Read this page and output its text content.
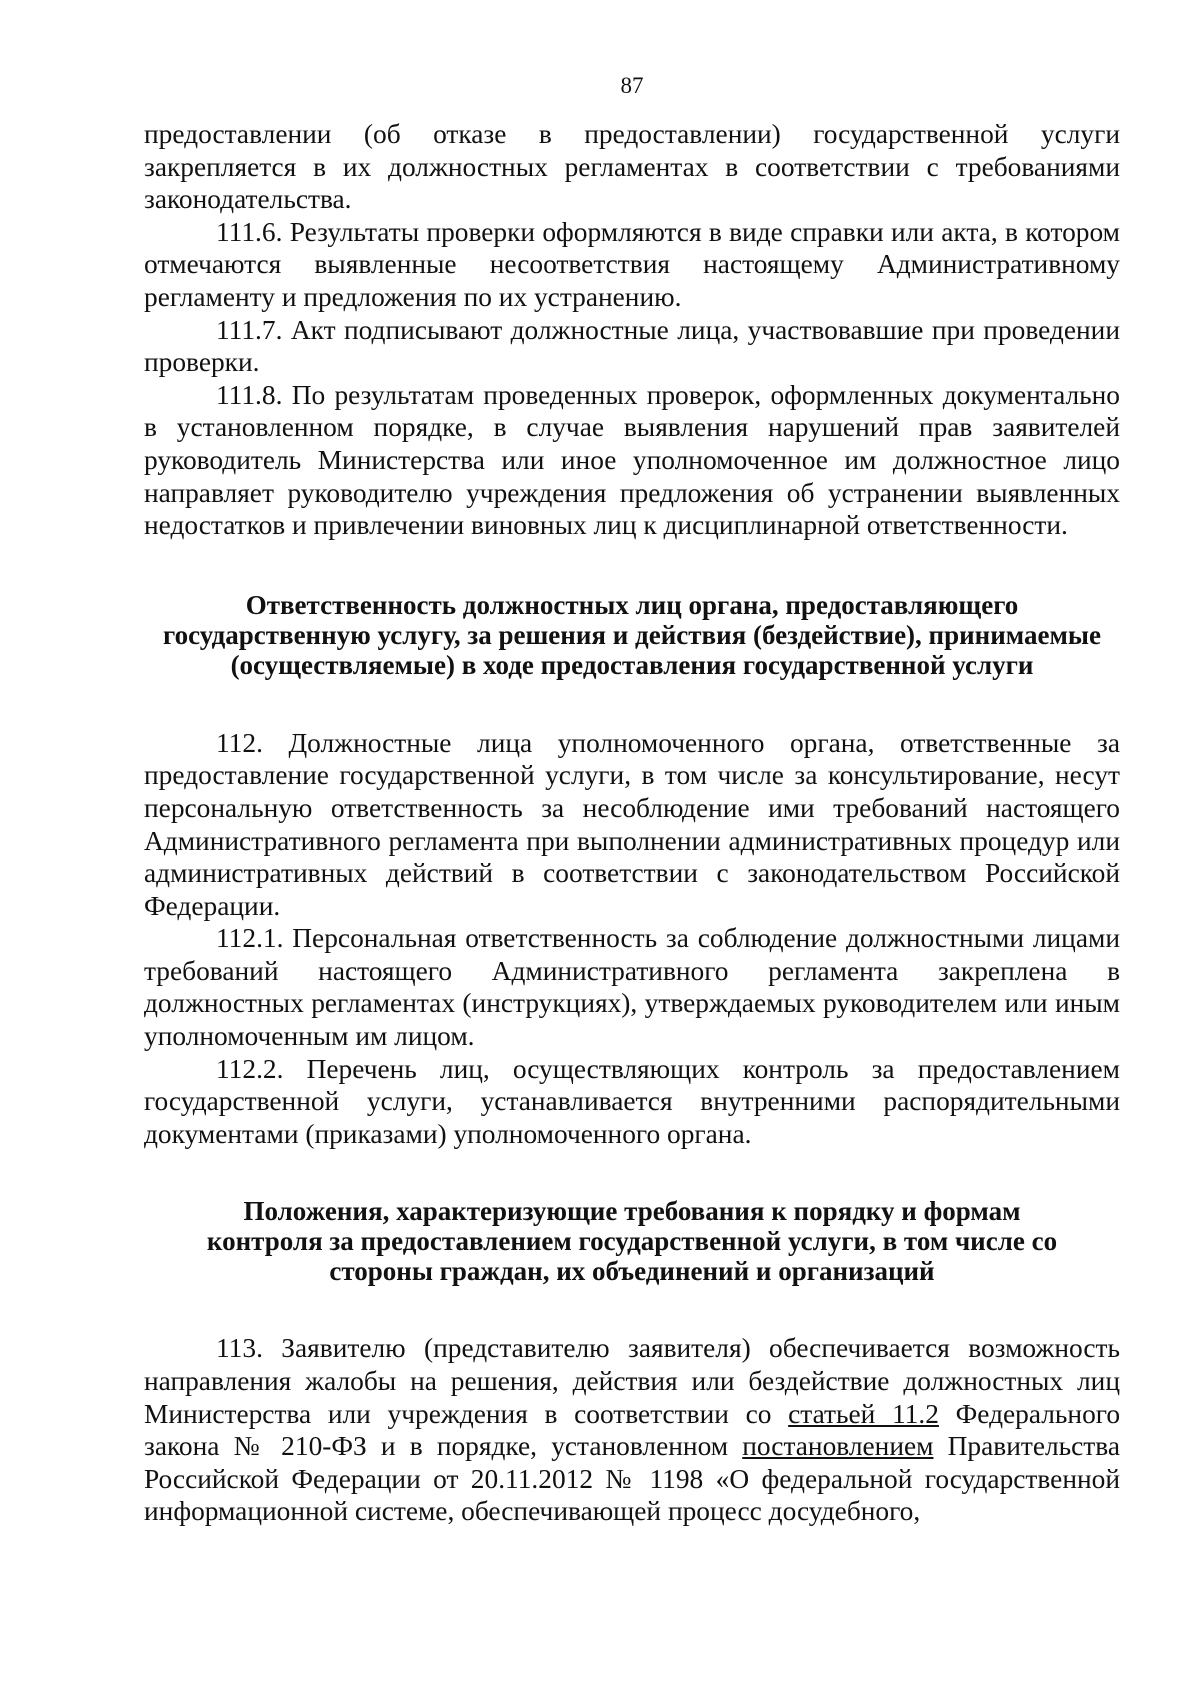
87

предоставлении (об отказе в предоставлении) государственной услуги закрепляется в их должностных регламентах в соответствии с требованиями законодательства.

111.6. Результаты проверки оформляются в виде справки или акта, в котором отмечаются выявленные несоответствия настоящему Административному регламенту и предложения по их устранению.

111.7. Акт подписывают должностные лица, участвовавшие при проведении проверки.

111.8. По результатам проведенных проверок, оформленных документально в установленном порядке, в случае выявления нарушений прав заявителей руководитель Министерства или иное уполномоченное им должностное лицо направляет руководителю учреждения предложения об устранении выявленных недостатков и привлечении виновных лиц к дисциплинарной ответственности.

Ответственность должностных лиц органа, предоставляющего государственную услугу, за решения и действия (бездействие), принимаемые (осуществляемые) в ходе предоставления государственной услуги

112. Должностные лица уполномоченного органа, ответственные за предоставление государственной услуги, в том числе за консультирование, несут персональную ответственность за несоблюдение ими требований настоящего Административного регламента при выполнении административных процедур или административных действий в соответствии с законодательством Российской Федерации.

112.1. Персональная ответственность за соблюдение должностными лицами требований настоящего Административного регламента закреплена в должностных регламентах (инструкциях), утверждаемых руководителем или иным уполномоченным им лицом.

112.2. Перечень лиц, осуществляющих контроль за предоставлением государственной услуги, устанавливается внутренними распорядительными документами (приказами) уполномоченного органа.

Положения, характеризующие требования к порядку и формам контроля за предоставлением государственной услуги, в том числе со стороны граждан, их объединений и организаций

113. Заявителю (представителю заявителя) обеспечивается возможность направления жалобы на решения, действия или бездействие должностных лиц Министерства или учреждения в соответствии со статьей 11.2 Федерального закона № 210-ФЗ и в порядке, установленном постановлением Правительства Российской Федерации от 20.11.2012 № 1198 «О федеральной государственной информационной системе, обеспечивающей процесс досудебного,
